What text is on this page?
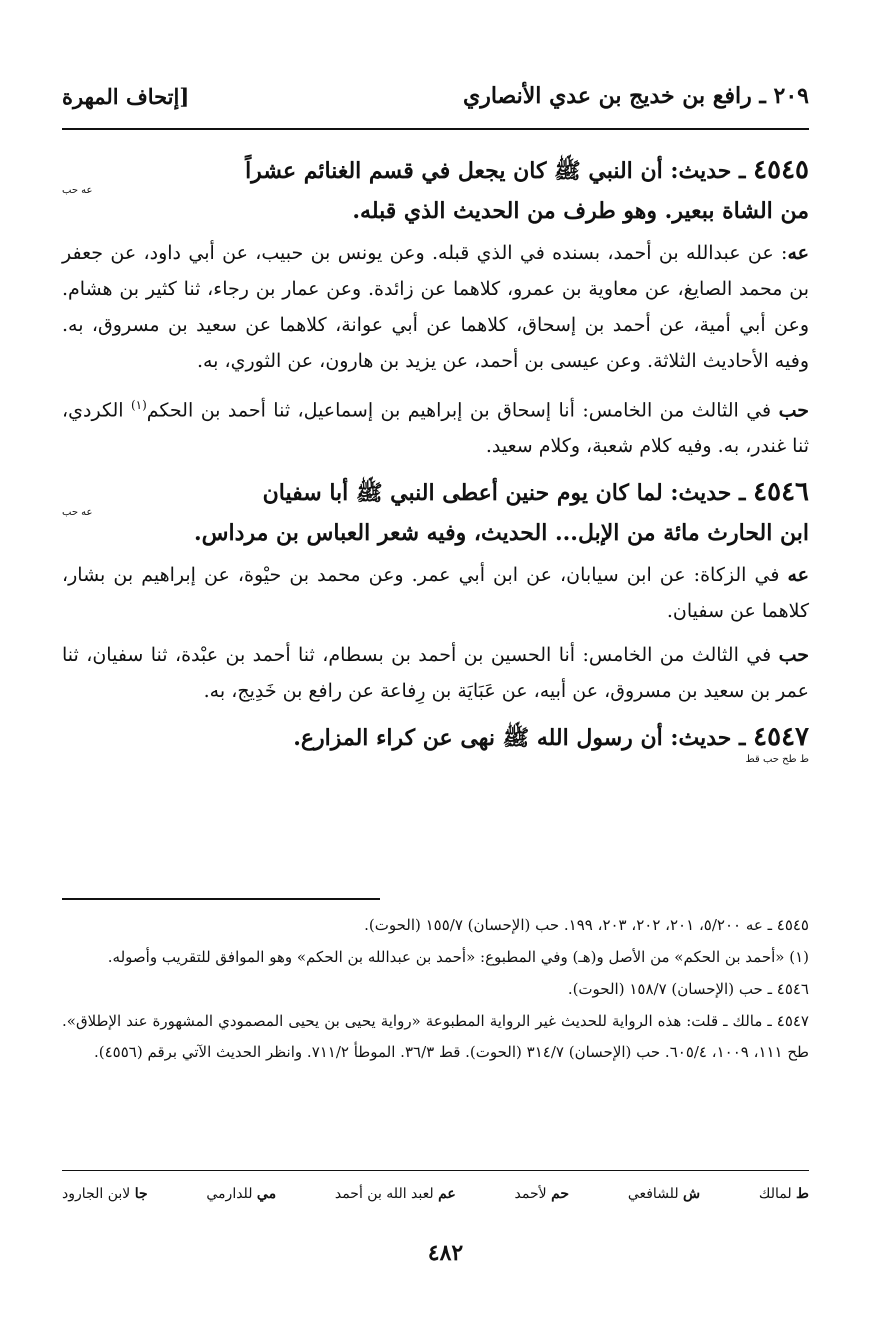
٢٠٩ ـ رافع بن خديج بن عدي الأنصاري
[إتحاف المهرة
٤٥٤٥ ـ حديث: أن النبي ﷺ كان يجعل في قسم الغنائم عشراً
عه حب
من الشاة ببعير. وهو طرف من الحديث الذي قبله.
عه: عن عبدالله بن أحمد، بسنده في الذي قبله. وعن يونس بن حبيب، عن أبي داود، عن جعفر بن محمد الصايغ، عن معاوية بن عمرو، كلاهما عن زائدة. وعن عمار بن رجاء، ثنا كثير بن هشام. وعن أبي أمية، عن أحمد بن إسحاق، كلاهما عن أبي عوانة، كلاهما عن سعيد بن مسروق، به. وفيه الأحاديث الثلاثة. وعن عيسى بن أحمد، عن يزيد بن هارون، عن الثوري، به.
حب في الثالث من الخامس: أنا إسحاق بن إبراهيم بن إسماعيل، ثنا أحمد بن الحكم$^{(١)}$ الكردي، ثنا غندر، به. وفيه كلام شعبة، وكلام سعيد.
٤٥٤٦ ـ حديث: لما كان يوم حنين أعطى النبي ﷺ أبا سفيان
عه حب
ابن الحارث مائة من الإبل... الحديث، وفيه شعر العباس بن مرداس.
عه في الزكاة: عن ابن سيابان، عن ابن أبي عمر. وعن محمد بن حيْوة، عن إبراهيم بن بشار، كلاهما عن سفيان.
حب في الثالث من الخامس: أنا الحسين بن أحمد بن بسطام، ثنا أحمد بن عبْدة، ثنا سفيان، ثنا عمر بن سعيد بن مسروق، عن أبيه، عن عَبَايَة بن رِفاعة عن رافع بن خَدِيج، به.
٤٥٤٧ ـ حديث: أن رسول الله ﷺ نهى عن كراء المزارع.
ط طح حب قط

٤٥٤٥ ـ عه ٥/٢٠٠، ٢٠١، ٢٠٢، ٢٠٣، ١٩٩. حب (الإحسان) ١٥٥/٧ (الحوت).

(١) «أحمد بن الحكم» من الأصل و(هـ) وفي المطبوع: «أحمد بن عبدالله بن الحكم» وهو الموافق للتقريب وأصوله.

٤٥٤٦ ـ حب (الإحسان) ١٥٨/٧ (الحوت).

٤٥٤٧ ـ مالك ـ قلت: هذه الرواية للحديث غير الرواية المطبوعة «رواية يحيى بن يحيى المصمودي المشهورة عند الإطلاق». طح ١١١، ١٠٠٩، ٦٠٥/٤. حب (الإحسان) ٣١٤/٧ (الحوت). قط ٣٦/٣. الموطأ ٧١١/٢. وانظر الحديث الآتي برقم (٤٥٥٦).

ط لمالك
ش للشافعي
حم لأحمد
عم لعبد الله بن أحمد
مي للدارمي
جا لابن الجارود
٤٨٢
